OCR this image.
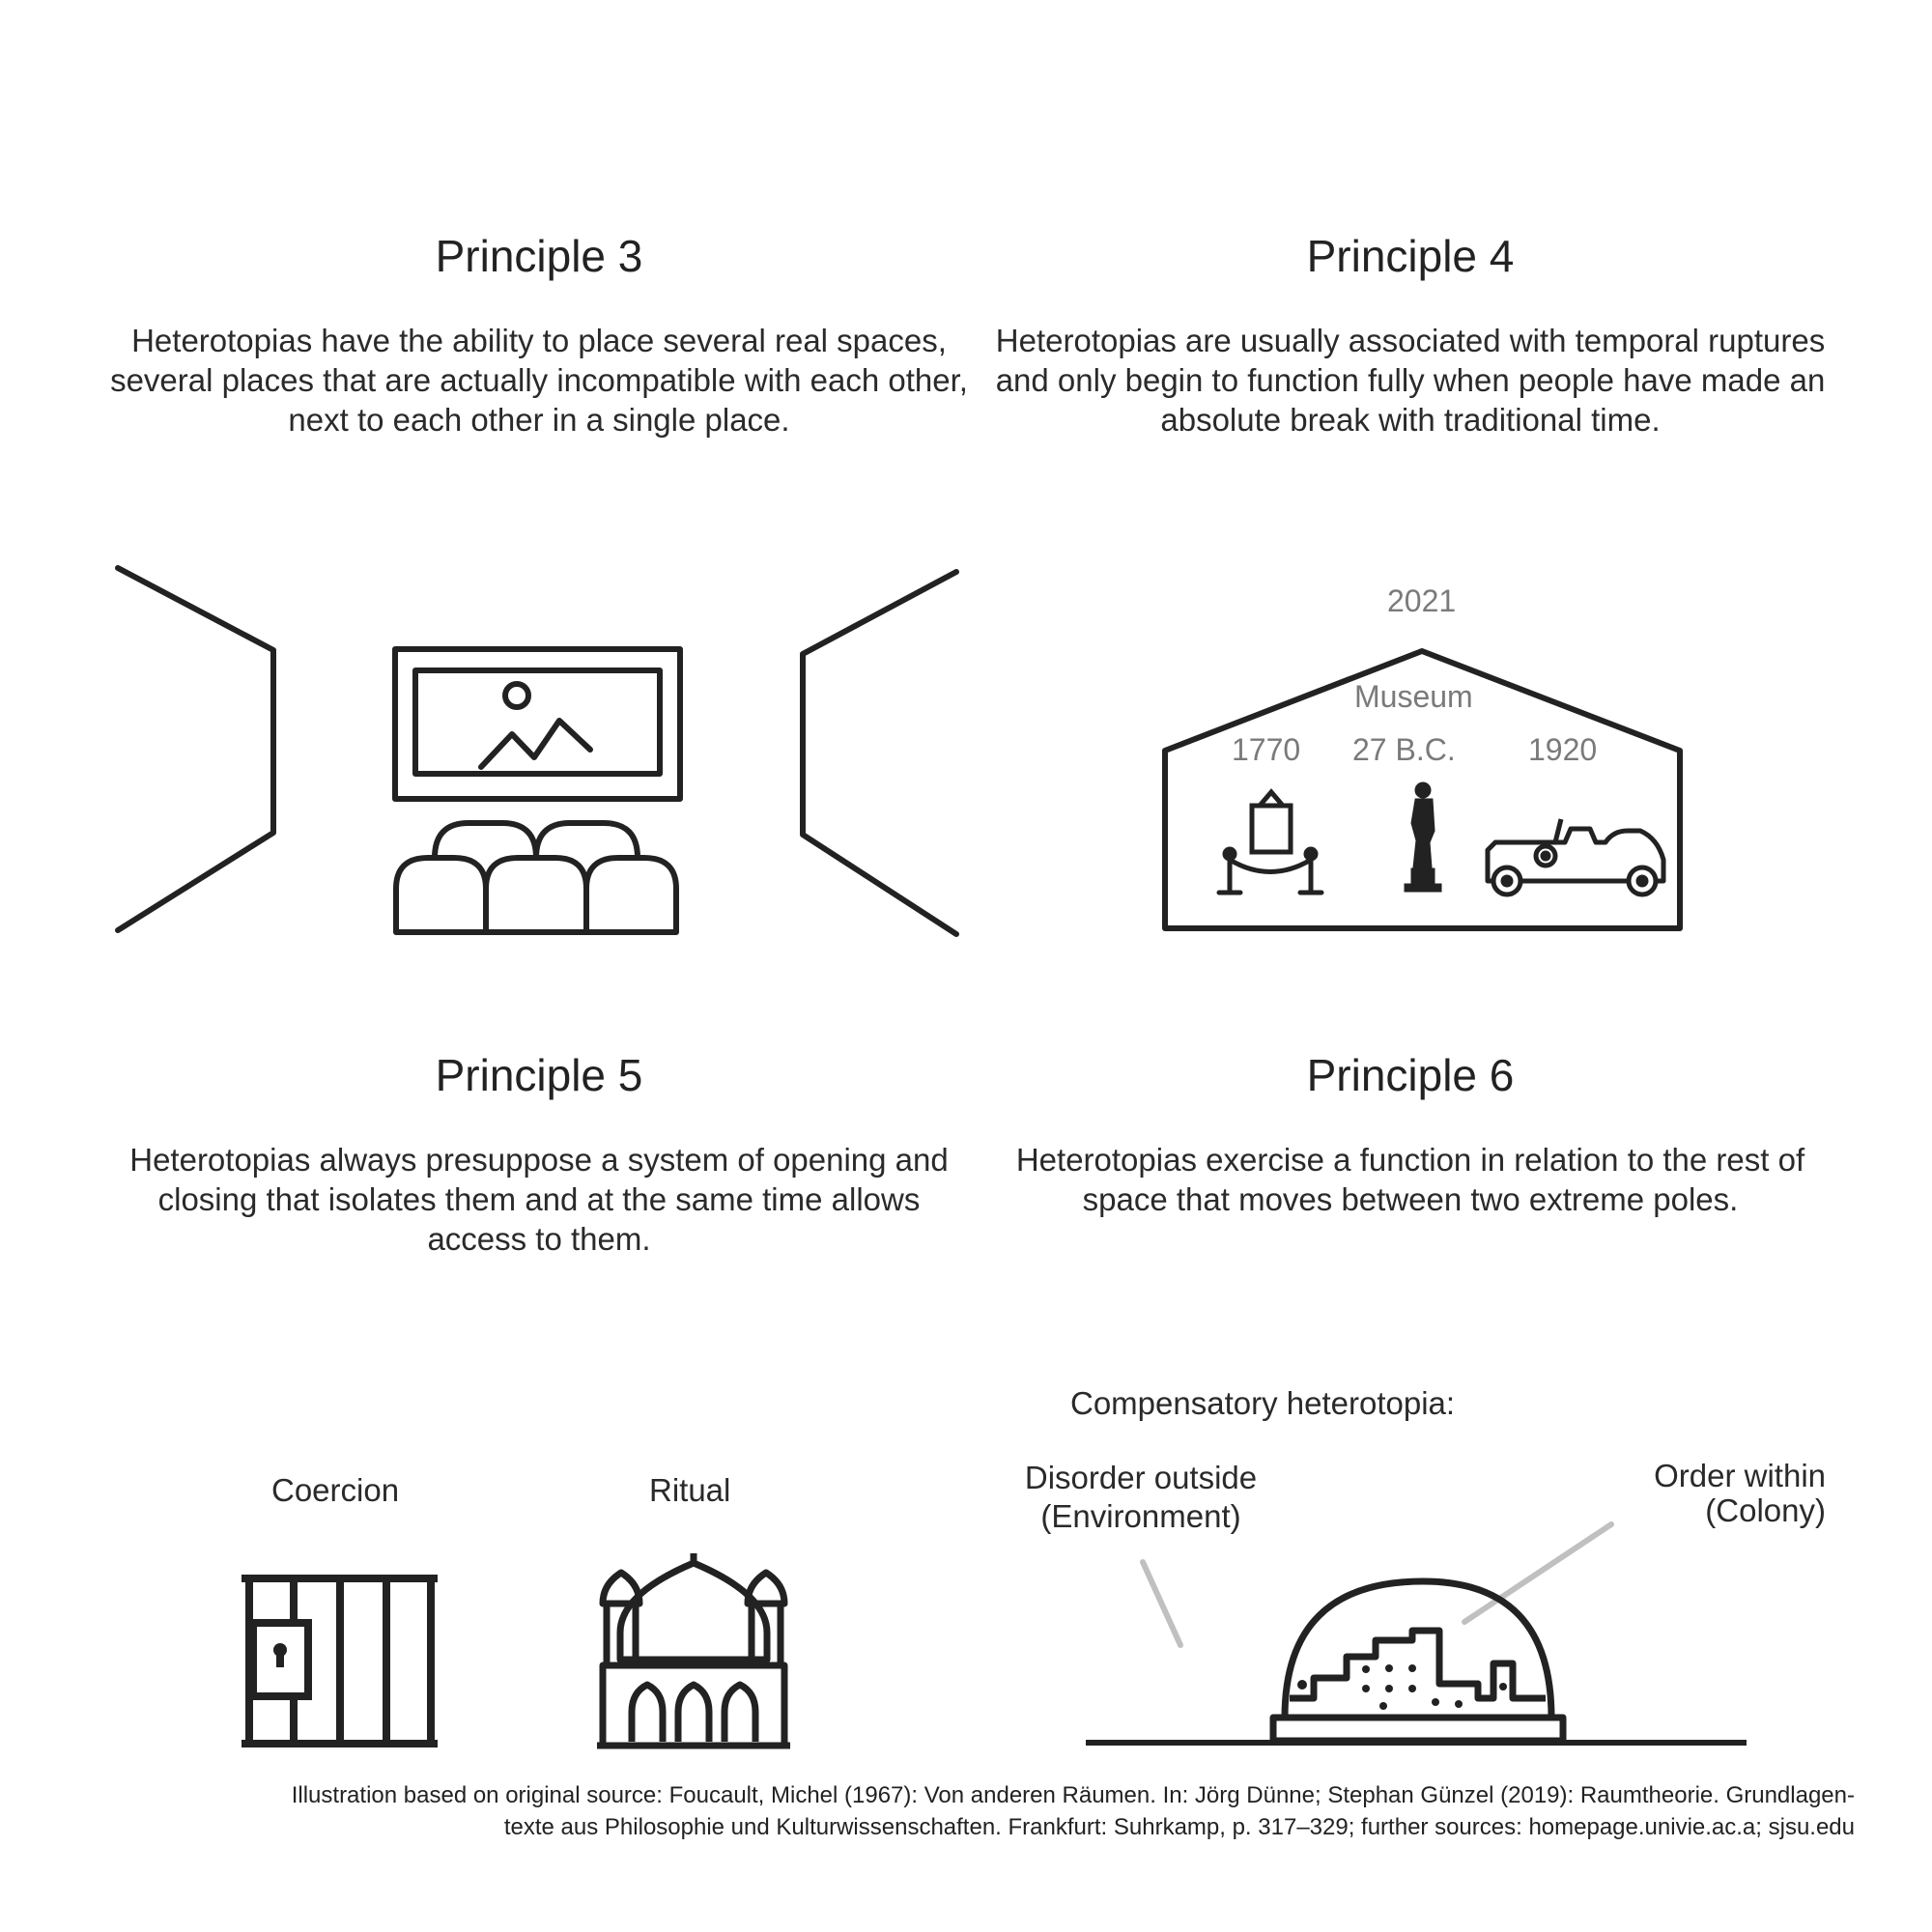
Principle 3
Heterotopias have the ability to place several real spaces, several places that are actually incompatible with each other, next to each other in a single place.
Principle 4
Heterotopias are usually associated with temporal ruptures and only begin to function fully when people have made an absolute break with traditional time.
Principle 5
Heterotopias always presuppose a system of opening and closing that isolates them and at the same time allows access to them.
Principle 6
Heterotopias exercise a function in relation to the rest of space that moves between two extreme poles.
2021
Museum
1770 27 B.C. 1920
Coercion	Ritual
Compensatory heterotopia:
Disorder outside
(Environment)
Order within
(Colony)
Illustration based on original source: Foucault, Michel (1967): Von anderen Räumen. In: Jörg Dünne; Stephan Günzel (2019): Raumtheorie. Grundlagen-
texte aus Philosophie und Kulturwissenschaften. Frankfurt: Suhrkamp, p. 317–329; further sources: homepage.univie.ac.a; sjsu.edu
